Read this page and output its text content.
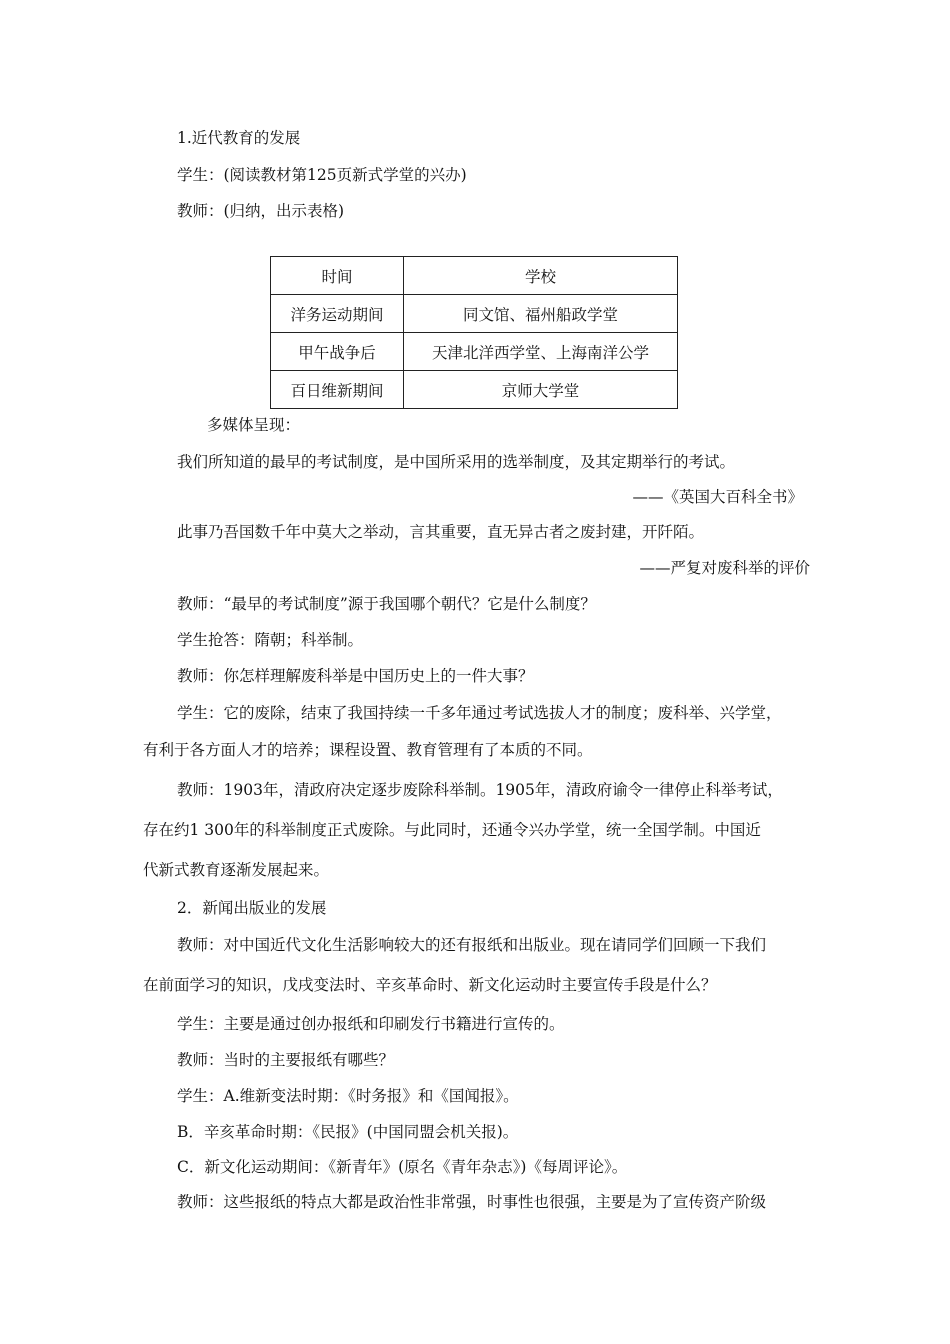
1.近代教育的发展
学生：(阅读教材第125页新式学堂的兴办)
教师：(归纳，出示表格)
时间	学校
洋务运动期间	同文馆、福州船政学堂
甲午战争后	天津北洋西学堂、上海南洋公学
百日维新期间	京师大学堂
多媒体呈现：
我们所知道的最早的考试制度，是中国所采用的选举制度，及其定期举行的考试。
——《英国大百科全书》
此事乃吾国数千年中莫大之举动，言其重要，直无异古者之废封建，开阡陌。
——严复对废科举的评价
教师：“最早的考试制度”源于我国哪个朝代？它是什么制度？
学生抢答：隋朝；科举制。
教师：你怎样理解废科举是中国历史上的一件大事？
学生：它的废除，结束了我国持续一千多年通过考试选拔人才的制度；废科举、兴学堂，
有利于各方面人才的培养；课程设置、教育管理有了本质的不同。
教师：1903年，清政府决定逐步废除科举制。1905年，清政府谕令一律停止科举考试，
存在约1 300年的科举制度正式废除。与此同时，还通令兴办学堂，统一全国学制。中国近
代新式教育逐渐发展起来。
2．新闻出版业的发展
教师：对中国近代文化生活影响较大的还有报纸和出版业。现在请同学们回顾一下我们
在前面学习的知识，戊戌变法时、辛亥革命时、新文化运动时主要宣传手段是什么？
学生：主要是通过创办报纸和印刷发行书籍进行宣传的。
教师：当时的主要报纸有哪些？
学生：A.维新变法时期：《时务报》和《国闻报》。
B．辛亥革命时期：《民报》(中国同盟会机关报)。
C．新文化运动期间：《新青年》(原名《青年杂志》)《每周评论》。
教师：这些报纸的特点大都是政治性非常强，时事性也很强，主要是为了宣传资产阶级
